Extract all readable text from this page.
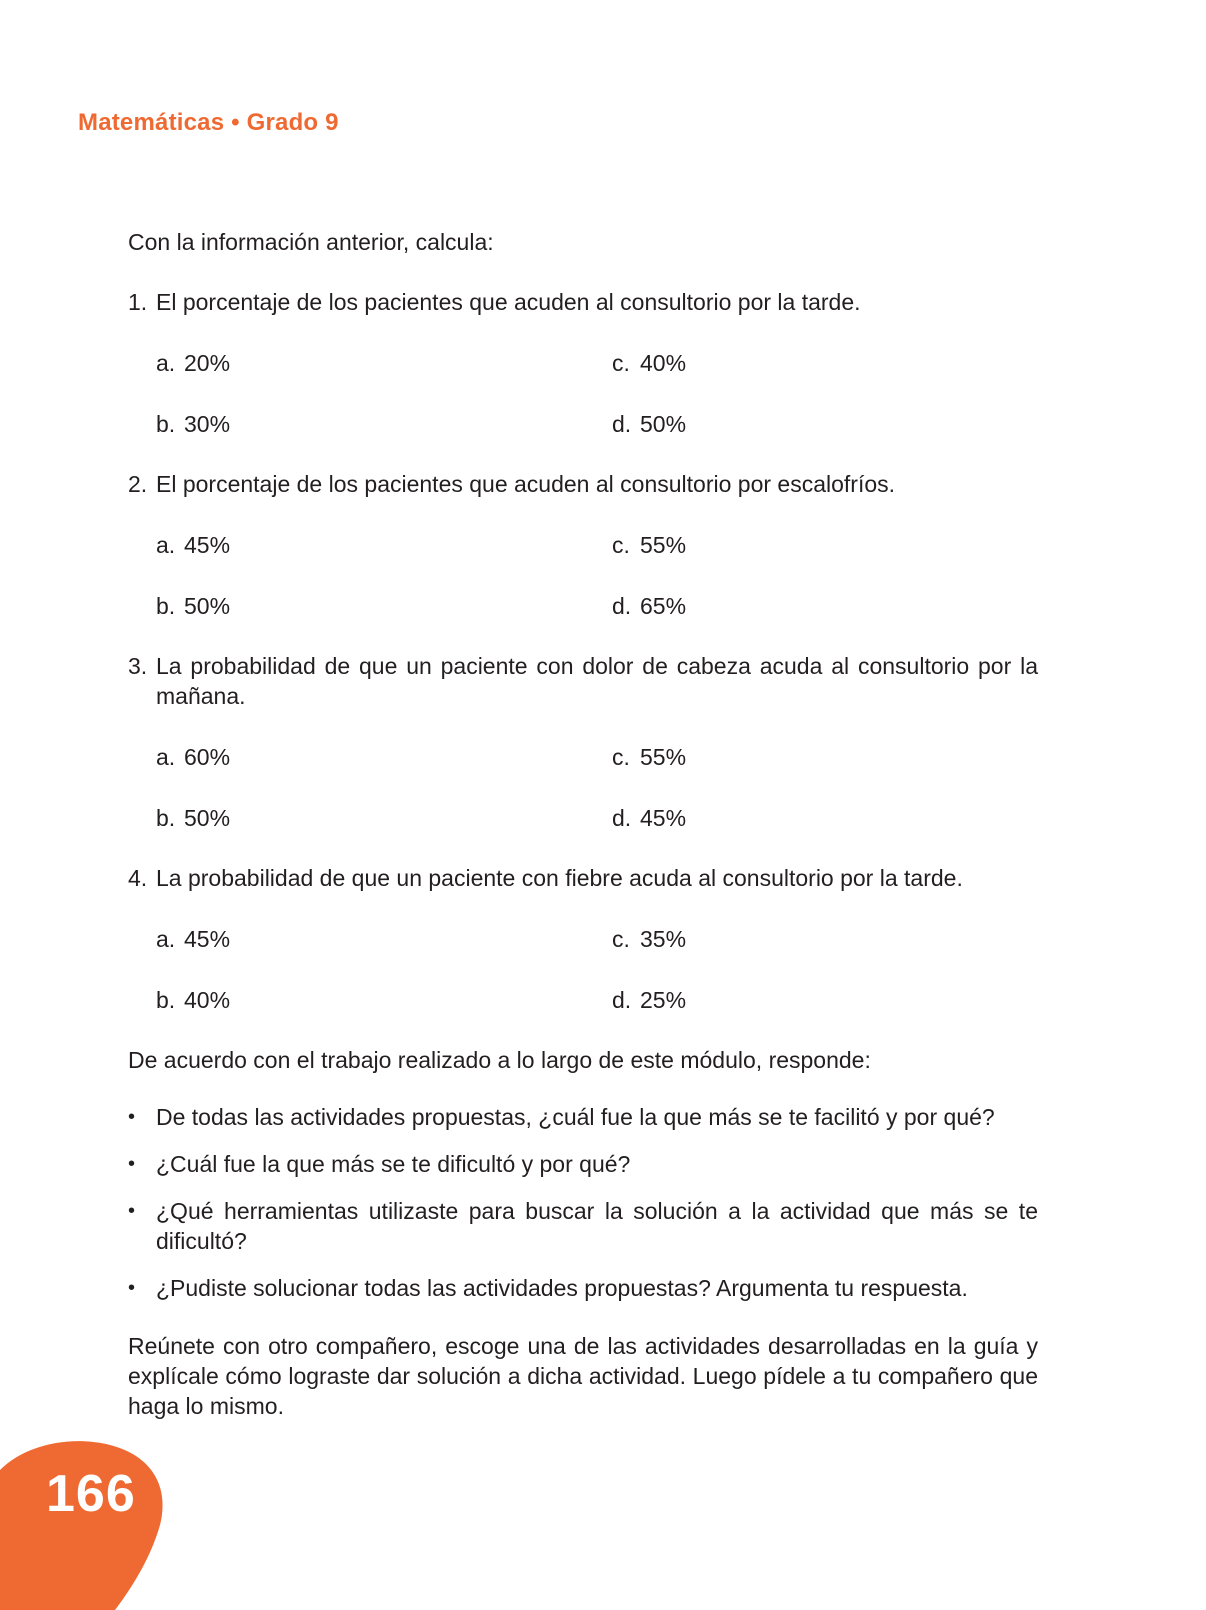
Matemáticas • Grado 9
Con la información anterior, calcula:
1. El porcentaje de los pacientes que acuden al consultorio por la tarde.
a. 20%
b. 30%
c. 40%
d. 50%
2. El porcentaje de los pacientes que acuden al consultorio por escalofríos.
a. 45%
b. 50%
c. 55%
d. 65%
3. La probabilidad de que un paciente con dolor de cabeza acuda al consultorio por la mañana.
a. 60%
b. 50%
c. 55%
d. 45%
4. La probabilidad de que un paciente con fiebre acuda al consultorio por la tarde.
a. 45%
b. 40%
c. 35%
d. 25%
De acuerdo con el trabajo realizado a lo largo de este módulo, responde:
• De todas las actividades propuestas, ¿cuál fue la que más se te facilitó y por qué?
• ¿Cuál fue la que más se te dificultó y por qué?
• ¿Qué herramientas utilizaste para buscar la solución a la actividad que más se te dificultó?
• ¿Pudiste solucionar todas las actividades propuestas? Argumenta tu respuesta.
Reúnete con otro compañero, escoge una de las actividades desarrolladas en la guía y explícale cómo lograste dar solución a dicha actividad. Luego pídele a tu compañero que haga lo mismo.
166
